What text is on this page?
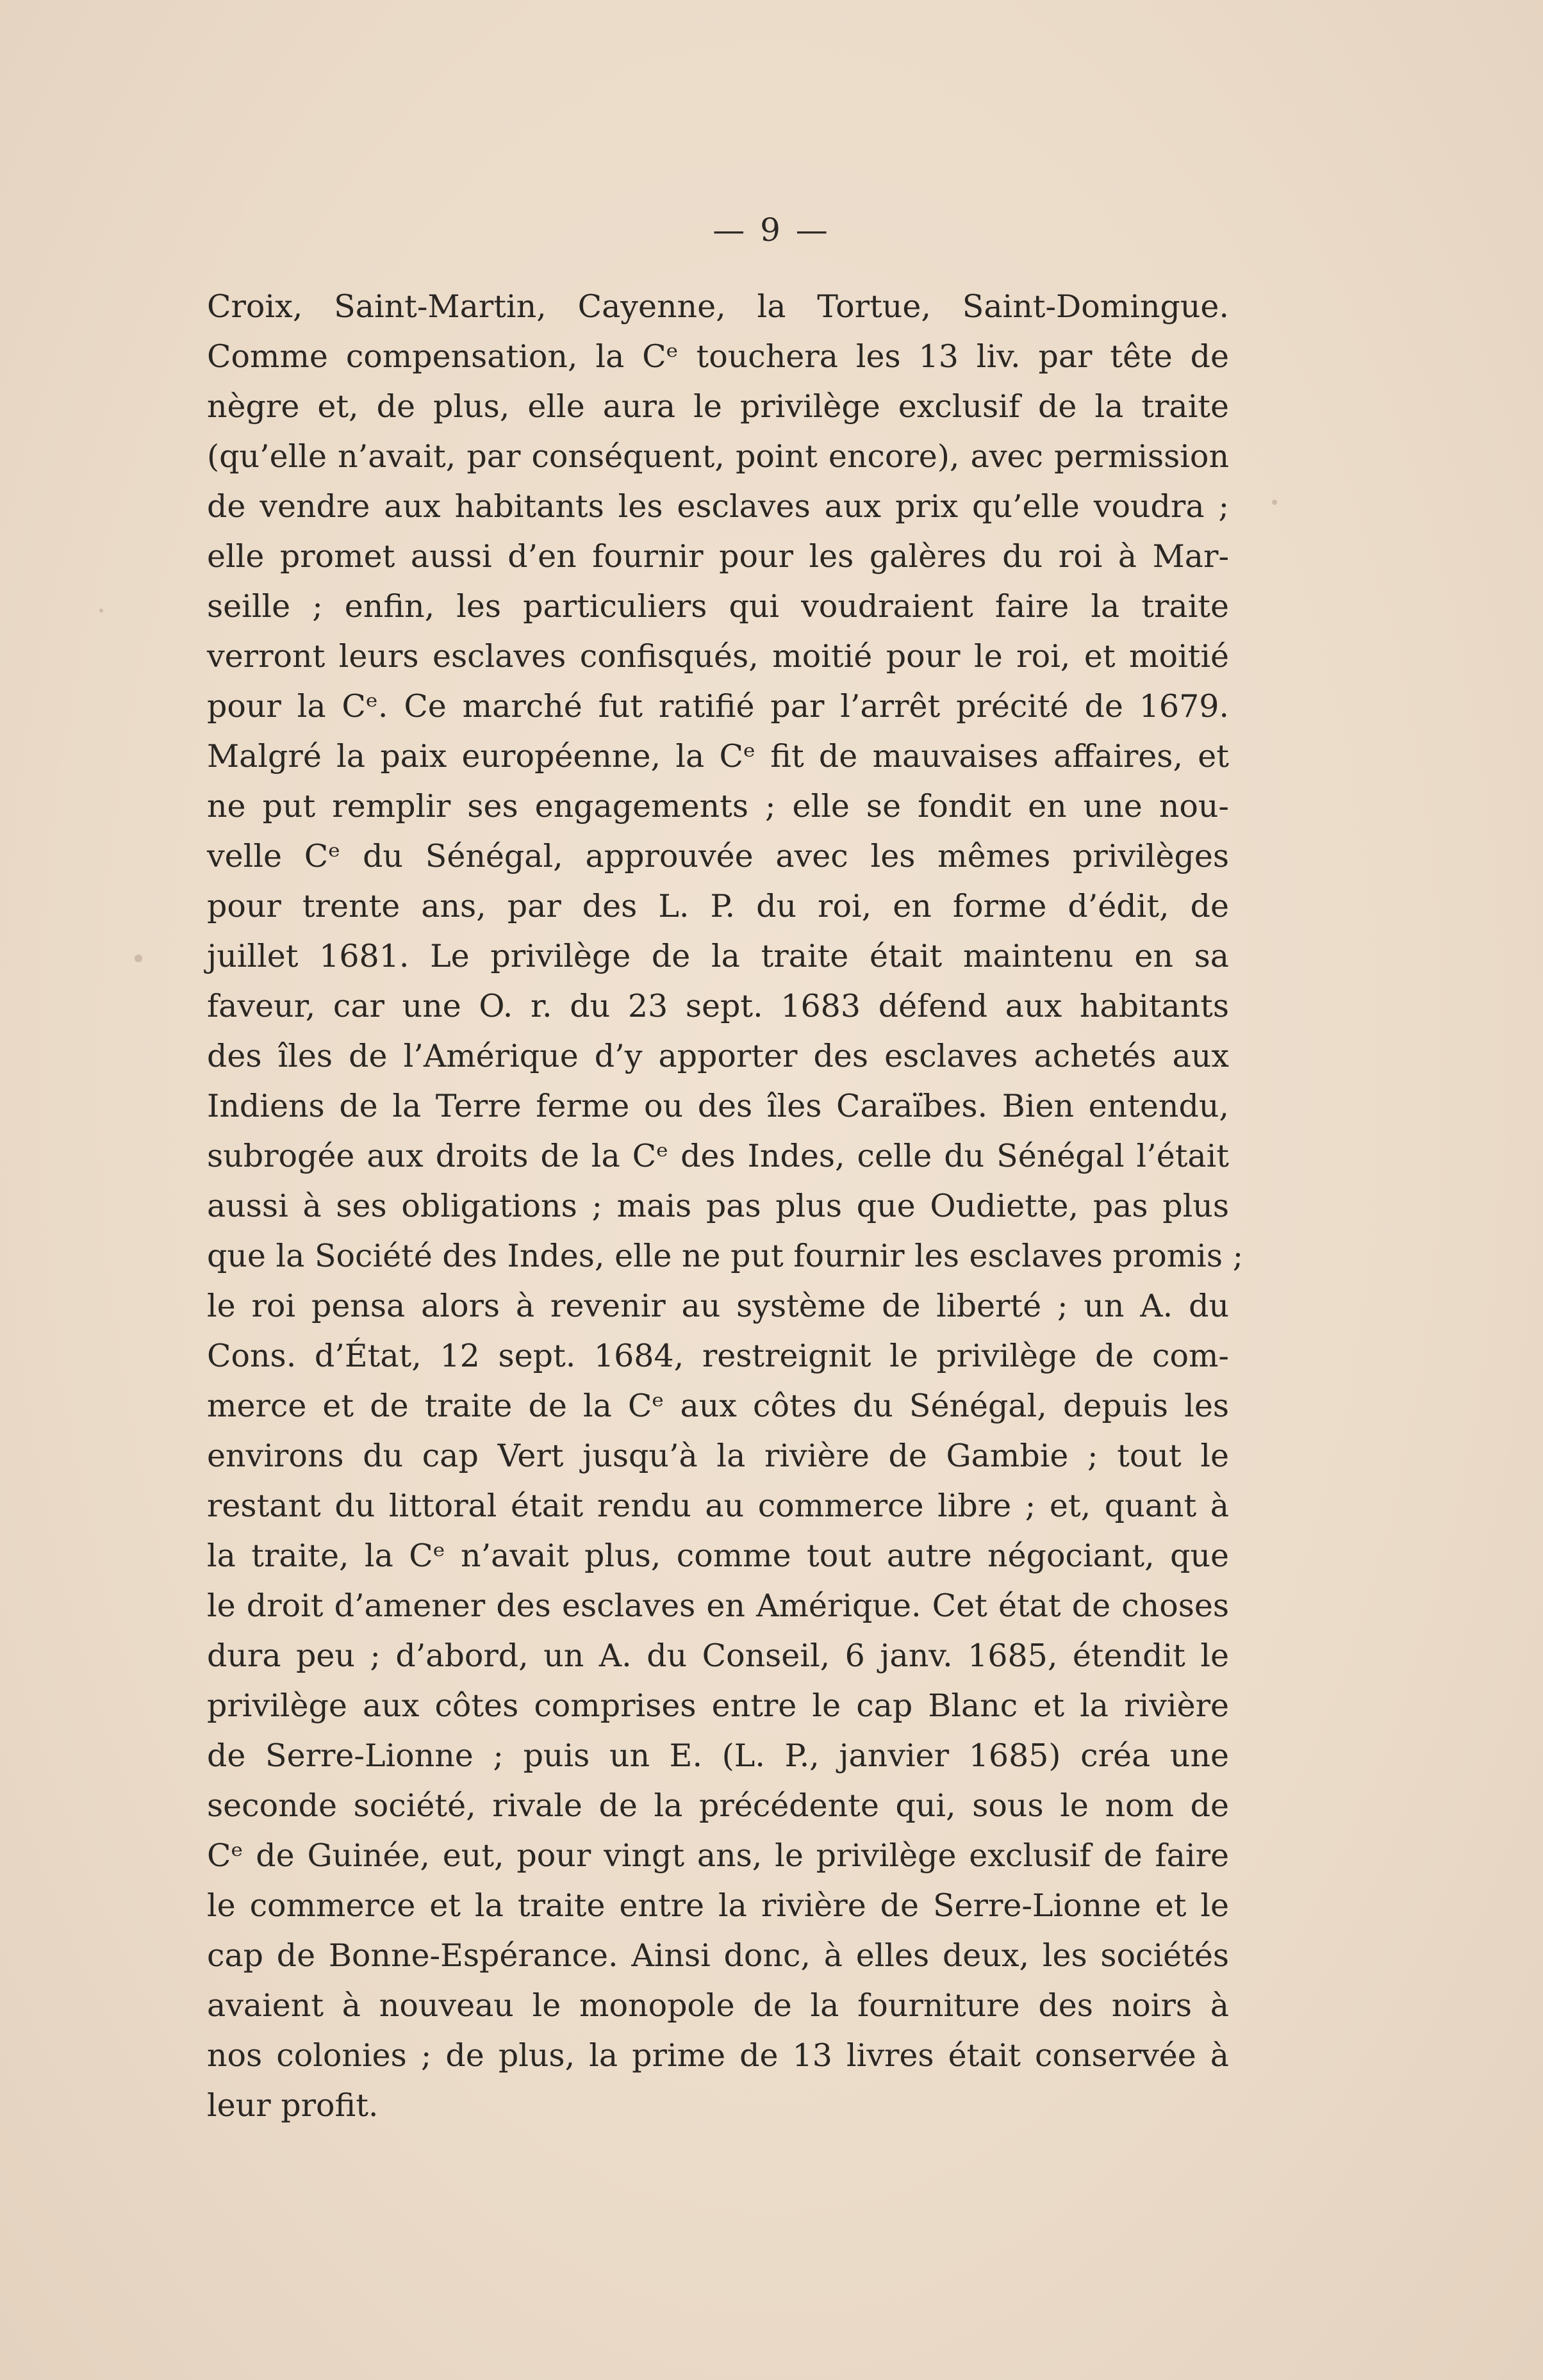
— 9 —
Croix, Saint-Martin, Cayenne, la Tortue, Saint-Domingue.
Comme compensation, la Cᵉ touchera les 13 liv. par tête de
nègre et, de plus, elle aura le privilège exclusif de la traite
(qu’elle n’avait, par conséquent, point encore), avec permission
de vendre aux habitants les esclaves aux prix qu’elle voudra ;
elle promet aussi d’en fournir pour les galères du roi à Mar-
seille ; enfin, les particuliers qui voudraient faire la traite
verront leurs esclaves confisqués, moitié pour le roi, et moitié
pour la Cᵉ. Ce marché fut ratifié par l’arrêt précité de 1679.
Malgré la paix européenne, la Cᵉ fit de mauvaises affaires, et
ne put remplir ses engagements ; elle se fondit en une nou-
velle Cᵉ du Sénégal, approuvée avec les mêmes privilèges
pour trente ans, par des L. P. du roi, en forme d’édit, de
juillet 1681. Le privilège de la traite était maintenu en sa
faveur, car une O. r. du 23 sept. 1683 défend aux habitants
des îles de l’Amérique d’y apporter des esclaves achetés aux
Indiens de la Terre ferme ou des îles Caraïbes. Bien entendu,
subrogée aux droits de la Cᵉ des Indes, celle du Sénégal l’était
aussi à ses obligations ; mais pas plus que Oudiette, pas plus
que la Société des Indes, elle ne put fournir les esclaves promis ;
le roi pensa alors à revenir au système de liberté ; un A. du
Cons. d’État, 12 sept. 1684, restreignit le privilège de com-
merce et de traite de la Cᵉ aux côtes du Sénégal, depuis les
environs du cap Vert jusqu’à la rivière de Gambie ; tout le
restant du littoral était rendu au commerce libre ; et, quant à
la traite, la Cᵉ n’avait plus, comme tout autre négociant, que
le droit d’amener des esclaves en Amérique. Cet état de choses
dura peu ; d’abord, un A. du Conseil, 6 janv. 1685, étendit le
privilège aux côtes comprises entre le cap Blanc et la rivière
de Serre-Lionne ; puis un E. (L. P., janvier 1685) créa une
seconde société, rivale de la précédente qui, sous le nom de
Cᵉ de Guinée, eut, pour vingt ans, le privilège exclusif de faire
le commerce et la traite entre la rivière de Serre-Lionne et le
cap de Bonne-Espérance. Ainsi donc, à elles deux, les sociétés
avaient à nouveau le monopole de la fourniture des noirs à
nos colonies ; de plus, la prime de 13 livres était conservée à
leur profit.
